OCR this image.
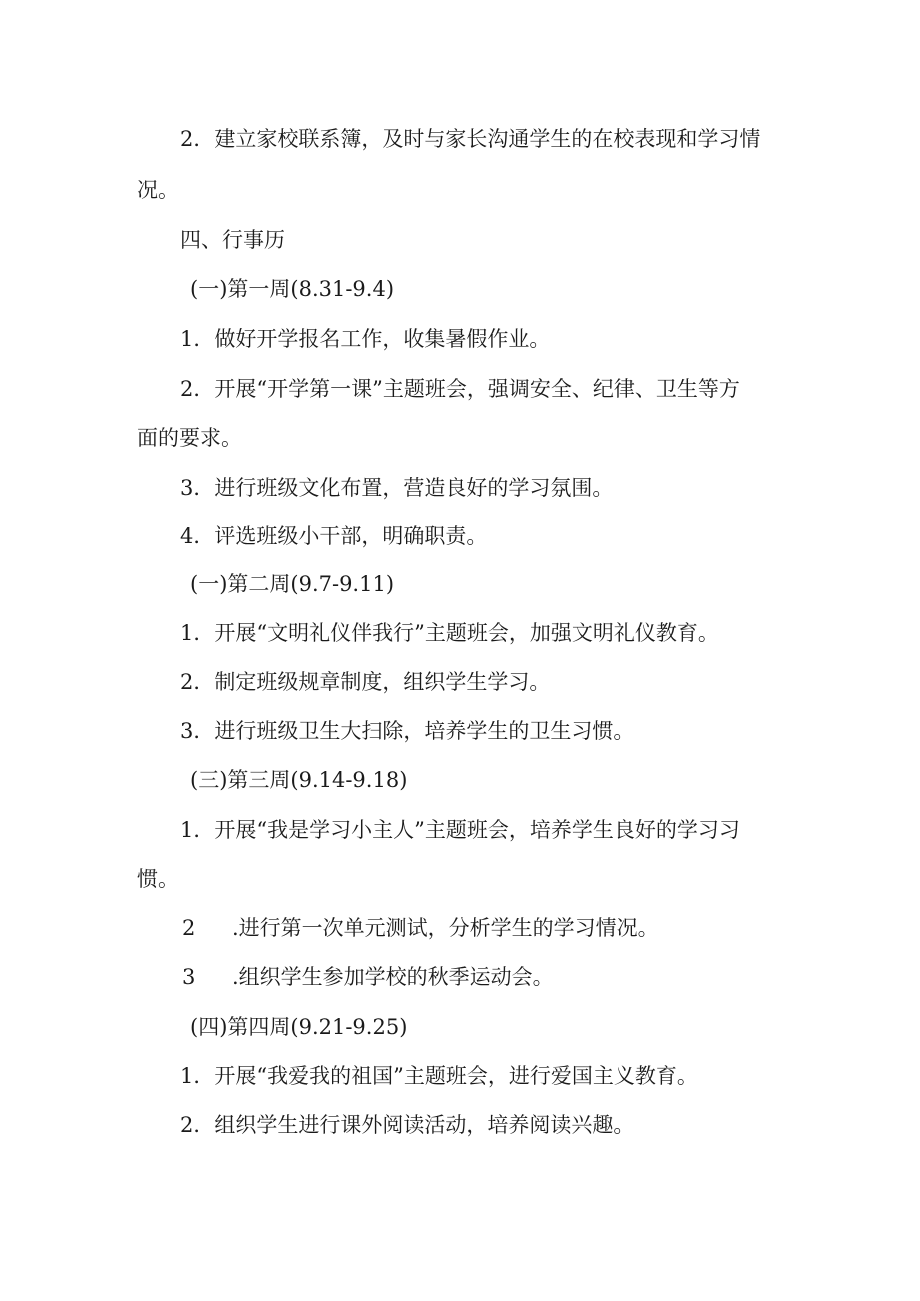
2．建立家校联系簿，及时与家长沟通学生的在校表现和学习情
况。
四、行事历
(一)第一周(8.31-9.4)
1．做好开学报名工作，收集暑假作业。
2．开展“开学第一课”主题班会，强调安全、纪律、卫生等方
面的要求。
3．进行班级文化布置，营造良好的学习氛围。
4．评选班级小干部，明确职责。
(一)第二周(9.7-9.11)
1．开展“文明礼仪伴我行”主题班会，加强文明礼仪教育。
2．制定班级规章制度，组织学生学习。
3．进行班级卫生大扫除，培养学生的卫生习惯。
(三)第三周(9.14-9.18)
1．开展“我是学习小主人”主题班会，培养学生良好的学习习
惯。
2 .进行第一次单元测试，分析学生的学习情况。
3 .组织学生参加学校的秋季运动会。
(四)第四周(9.21-9.25)
1．开展“我爱我的祖国”主题班会，进行爱国主义教育。
2．组织学生进行课外阅读活动，培养阅读兴趣。
